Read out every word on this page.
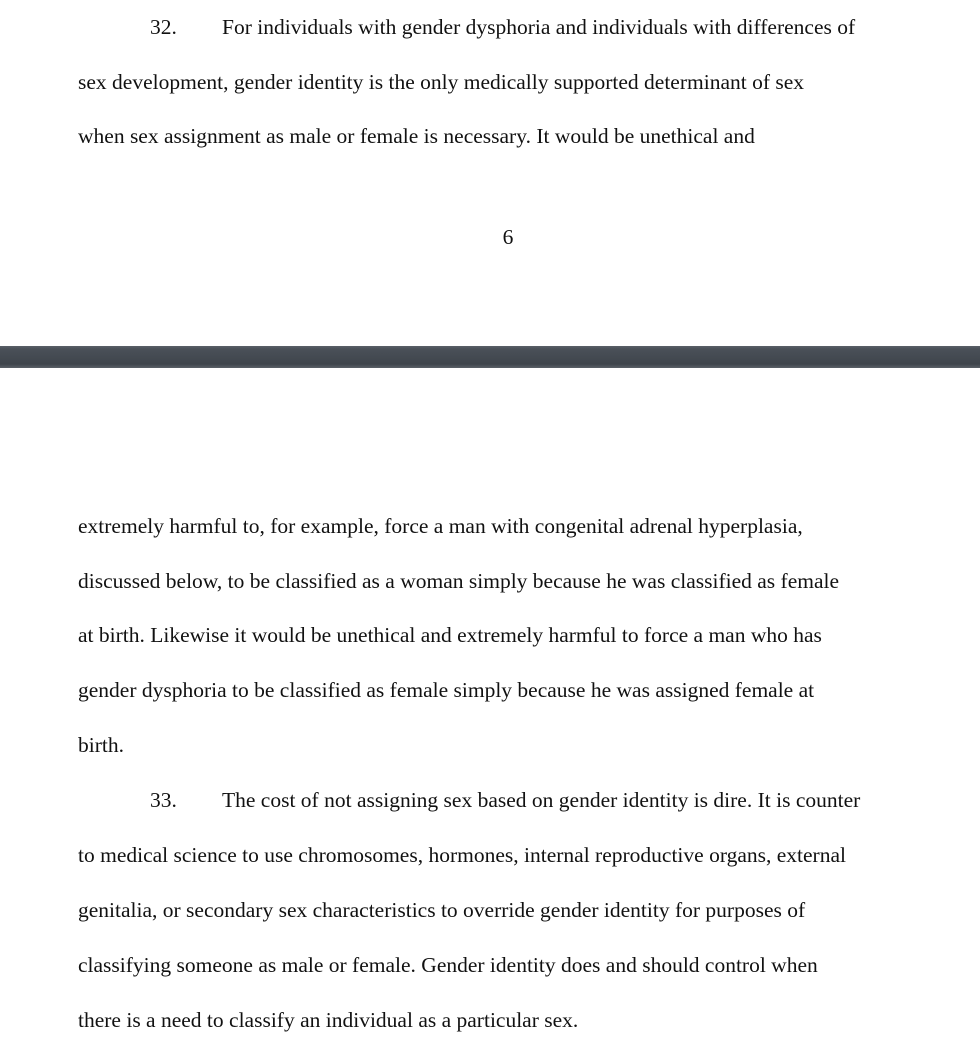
32. For individuals with gender dysphoria and individuals with differences of
sex development, gender identity is the only medically supported determinant of sex
when sex assignment as male or female is necessary. It would be unethical and
6
extremely harmful to, for example, force a man with congenital adrenal hyperplasia,
discussed below, to be classified as a woman simply because he was classified as female
at birth. Likewise it would be unethical and extremely harmful to force a man who has
gender dysphoria to be classified as female simply because he was assigned female at
birth.
33. The cost of not assigning sex based on gender identity is dire. It is counter
to medical science to use chromosomes, hormones, internal reproductive organs, external
genitalia, or secondary sex characteristics to override gender identity for purposes of
classifying someone as male or female. Gender identity does and should control when
there is a need to classify an individual as a particular sex.
